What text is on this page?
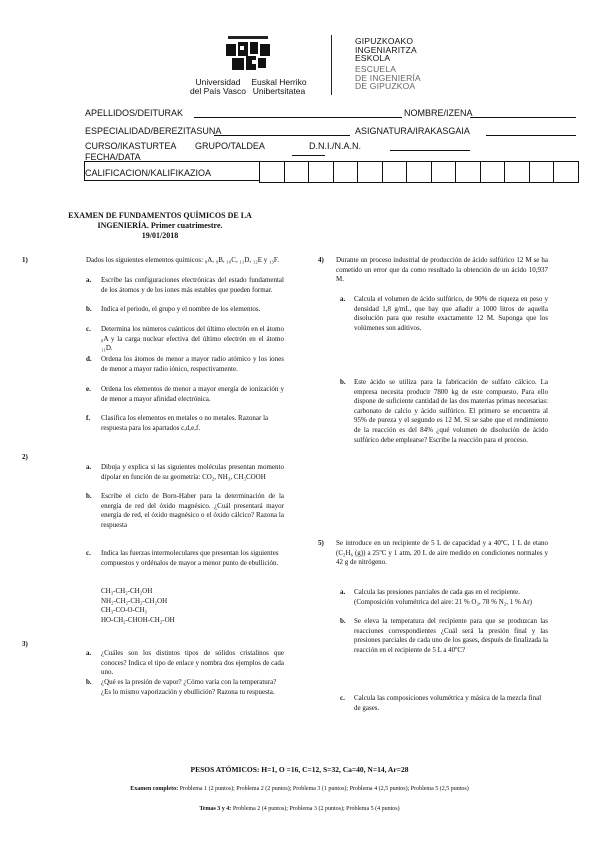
Universidad
del País Vasco
Euskal Herriko
Unibertsitatea
GIPUZKOAKO
INGENIARITZA
ESKOLA
ESCUELA
DE INGENIERÍA
DE GIPUZKOA
APELLIDOS/DEITURAK	NOMBRE/IZENA
ESPECIALIDAD/BEREZITASUNA	ASIGNATURA/IRAKASGAIA
CURSO/IKASTURTEA GRUPO/TALDEA	D.N.I./N.A.N.
FECHA/DATA
CALIFICACION/KALIFIKAZIOA
EXAMEN DE FUNDAMENTOS QUÍMICOS DE LA
INGENIERÍA. Primer cuatrimestre.
19/01/2018
1)	Dados los siguientes elementos químicos: ₈A, ₉B, ₁₀C, ₁₁D, ₁₂E y ₁₃F.
a. Escribe las configuraciones electrónicas del estado fundamental de los átomos y de los iones más estables que pueden formar.
b. Indica el periodo, el grupo y el nombre de los elementos.
c. Determina los números cuánticos del último electrón en el átomo ₈A y la carga nuclear efectiva del último electrón en el átomo ₁₁D.
d. Ordena los átomos de menor a mayor radio atómico y los iones de menor a mayor radio iónico, respectivamente.
e. Ordena los elementos de menor a mayor energía de ionización y de menor a mayor afinidad electrónica.
f. Clasifica los elementos en metales o no metales. Razonar la respuesta para los apartados c,d,e,f.
2)
a. Dibuja y explica si las siguientes moléculas presentan momento dipolar en función de su geometría: CO₂, NH₃, CH₃COOH
b. Escribe el ciclo de Born-Haber para la determinación de la energía de red del óxido magnésico. ¿Cuál presentará mayor energía de red, el óxido magnésico o el óxido cálcico? Razona la respuesta
c. Indica las fuerzas intermoleculares que presentan los siguientes compuestos y ordénalos de mayor a menor punto de ebullición.
CH₃-CH₂-CH₂OH
NH₂-CH₂-CH₂-CH₂OH
CH₃-CO-O-CH₃
HO-CH₂-CHOH-CH₂-OH
3)
a. ¿Cuáles son los distintos tipos de sólidos cristalinos que conoces? Indica el tipo de enlace y nombra dos ejemplos de cada uno.
b. ¿Qué es la presión de vapor? ¿Cómo varía con la temperatura? ¿Es lo mismo vaporización y ebullición? Razona tu respuesta.
4) Durante un proceso industrial de producción de ácido sulfúrico 12 M se ha cometido un error que da como resultado la obtención de un ácido 10,937 M.
a. Calcula el volumen de ácido sulfúrico, de 90% de riqueza en peso y densidad 1,8 g/mL, que hay que añadir a 1000 litros de aquella disolución para que resulte exactamente 12 M. Suponga que los volúmenes son aditivos.
b. Este ácido se utiliza para la fabricación de sulfato cálcico. La empresa necesita producir 7800 kg de este compuesto. Para ello dispone de suficiente cantidad de las dos materias primas necesarias: carbonato de calcio y ácido sulfúrico. El primero se encuentra al 95% de pureza y el segundo es 12 M. Si se sabe que el rendimiento de la reacción es del 84% ¿qué volumen de disolución de ácido sulfúrico debe emplearse? Escribe la reacción para el proceso.
5) Se introduce en un recipiente de 5 L de capacidad y a 40ºC, 1 L de etano (C₂H₆ (g)) a 25ºC y 1 atm, 20 L de aire medido en condiciones normales y 42 g de nitrógeno.
a. Calcula las presiones parciales de cada gas en el recipiente. (Composición volumétrica del aire: 21 % O₂, 78 % N₂, 1 % Ar)
b. Se eleva la temperatura del recipiente para que se produzcan las reacciones correspondientes ¿Cuál será la presión final y las presiones parciales de cada uno de los gases, después de finalizada la reacción en el recipiente de 5 L a 40ºC?
c. Calcula las composiciones volumétrica y másica de la mezcla final de gases.
PESOS ATÓMICOS: H=1, O =16, C=12, S=32, Ca=40, N=14, Ar=28
Examen completo: Problema 1 (2 puntos); Problema 2 (2 puntos); Problema 3 (1 puntos); Problema 4 (2,5 puntos); Problema 5 (2,5 puntos)
Temas 3 y 4: Problema 2 (4 puntos); Problema 3 (2 puntos); Problema 5 (4 puntos)
